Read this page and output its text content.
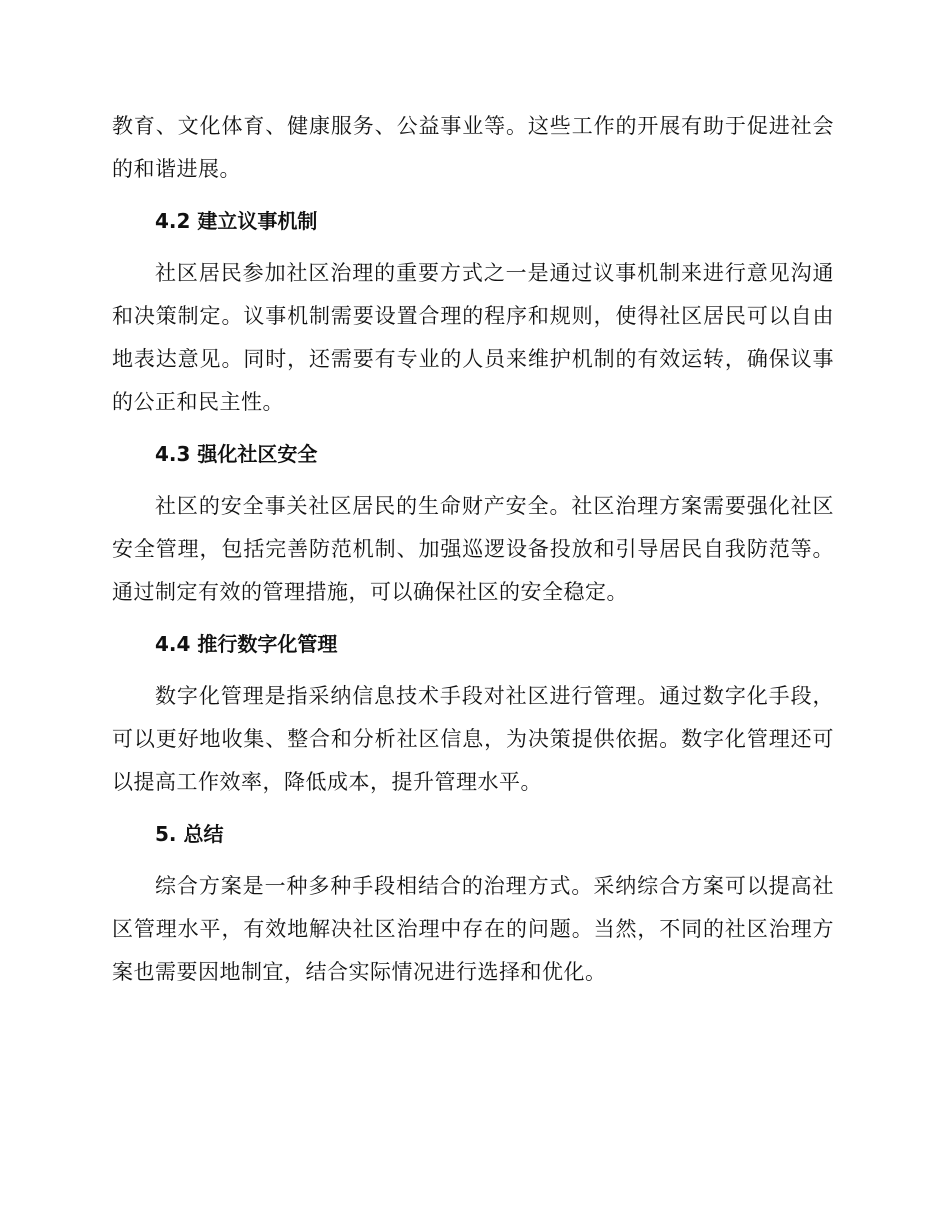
教育、文化体育、健康服务、公益事业等。这些工作的开展有助于促进社会的和谐进展。

4.2 建立议事机制

社区居民参加社区治理的重要方式之一是通过议事机制来进行意见沟通和决策制定。议事机制需要设置合理的程序和规则，使得社区居民可以自由地表达意见。同时，还需要有专业的人员来维护机制的有效运转，确保议事的公正和民主性。

4.3 强化社区安全

社区的安全事关社区居民的生命财产安全。社区治理方案需要强化社区安全管理，包括完善防范机制、加强巡逻设备投放和引导居民自我防范等。通过制定有效的管理措施，可以确保社区的安全稳定。

4.4 推行数字化管理

数字化管理是指采纳信息技术手段对社区进行管理。通过数字化手段，可以更好地收集、整合和分析社区信息，为决策提供依据。数字化管理还可以提高工作效率，降低成本，提升管理水平。

5. 总结

综合方案是一种多种手段相结合的治理方式。采纳综合方案可以提高社区管理水平，有效地解决社区治理中存在的问题。当然，不同的社区治理方案也需要因地制宜，结合实际情况进行选择和优化。
